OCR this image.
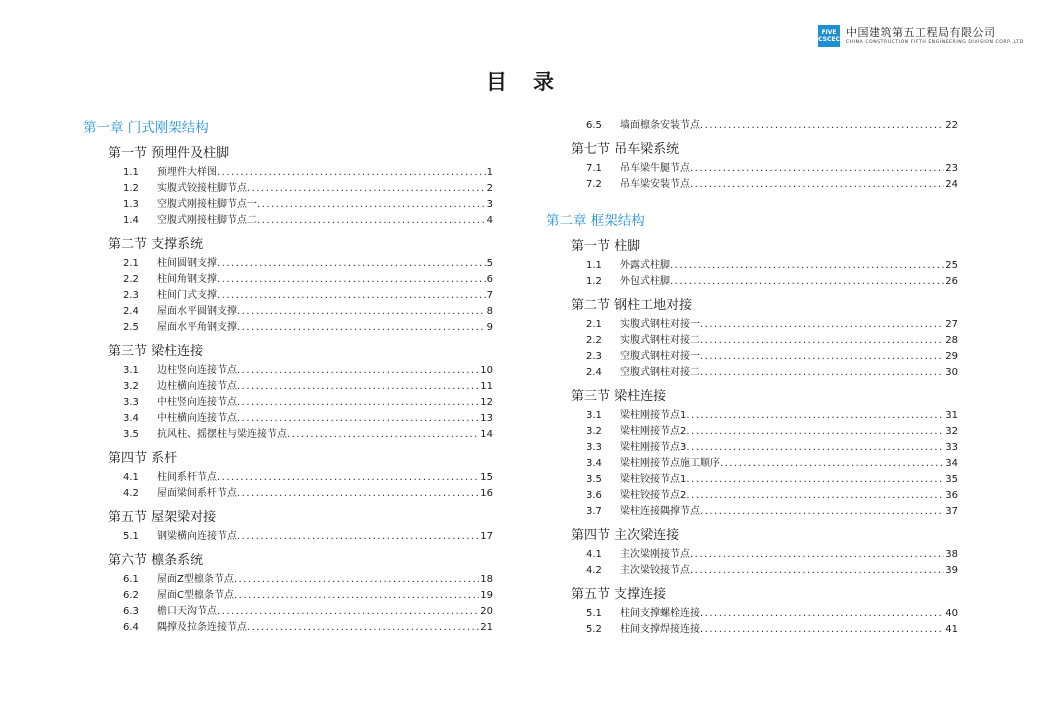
FIVE
CSCEC
中国建筑第五工程局有限公司
CHINA CONSTRUCTION FIFTH ENGINEERING DIVISION CORP.,LTD
目录
第一章 门式刚架结构
第一节 预埋件及柱脚
1.1	预埋件大样图 .....	1
1.2	实腹式铰接柱脚节点 .....	2
1.3	空腹式刚接柱脚节点一 .....	3
1.4	空腹式刚接柱脚节点二 .....	4
第二节 支撑系统
2.1	柱间圆钢支撑 .....	5
2.2	柱间角钢支撑 .....	6
2.3	柱间门式支撑 .....	7
2.4	屋面水平圆钢支撑 .....	8
2.5	屋面水平角钢支撑 .....	9
第三节 梁柱连接
3.1	边柱竖向连接节点 .....	10
3.2	边柱横向连接节点 .....	11
3.3	中柱竖向连接节点 .....	12
3.4	中柱横向连接节点 .....	13
3.5	抗风柱、摇摆柱与梁连接节点 .....	14
第四节 系杆
4.1	柱间系杆节点 .....	15
4.2	屋面梁间系杆节点 .....	16
第五节 屋架梁对接
5.1	钢梁横向连接节点 .....	17
第六节 檩条系统
6.1	屋面Z型檩条节点 .....	18
6.2	屋面C型檩条节点 .....	19
6.3	檐口天沟节点 .....	20
6.4	隅撑及拉条连接节点 .....	21
6.5	墙面檩条安装节点 .....	22
第七节 吊车梁系统
7.1	吊车梁牛腿节点 .....	23
7.2	吊车梁安装节点 .....	24
第二章 框架结构
第一节 柱脚
1.1	外露式柱脚 .....	25
1.2	外包式柱脚 .....	26
第二节 钢柱工地对接
2.1	实腹式钢柱对接一 .....	27
2.2	实腹式钢柱对接二 .....	28
2.3	空腹式钢柱对接一 .....	29
2.4	空腹式钢柱对接二 .....	30
第三节 梁柱连接
3.1	梁柱刚接节点1 .....	31
3.2	梁柱刚接节点2 .....	32
3.3	梁柱刚接节点3 .....	33
3.4	梁柱刚接节点施工顺序 .....	34
3.5	梁柱铰接节点1 .....	35
3.6	梁柱铰接节点2 .....	36
3.7	梁柱连接隅撑节点 .....	37
第四节 主次梁连接
4.1	主次梁刚接节点 .....	38
4.2	主次梁铰接节点 .....	39
第五节 支撑连接
5.1	柱间支撑螺栓连接 .....	40
5.2	柱间支撑焊接连接 .....	41
